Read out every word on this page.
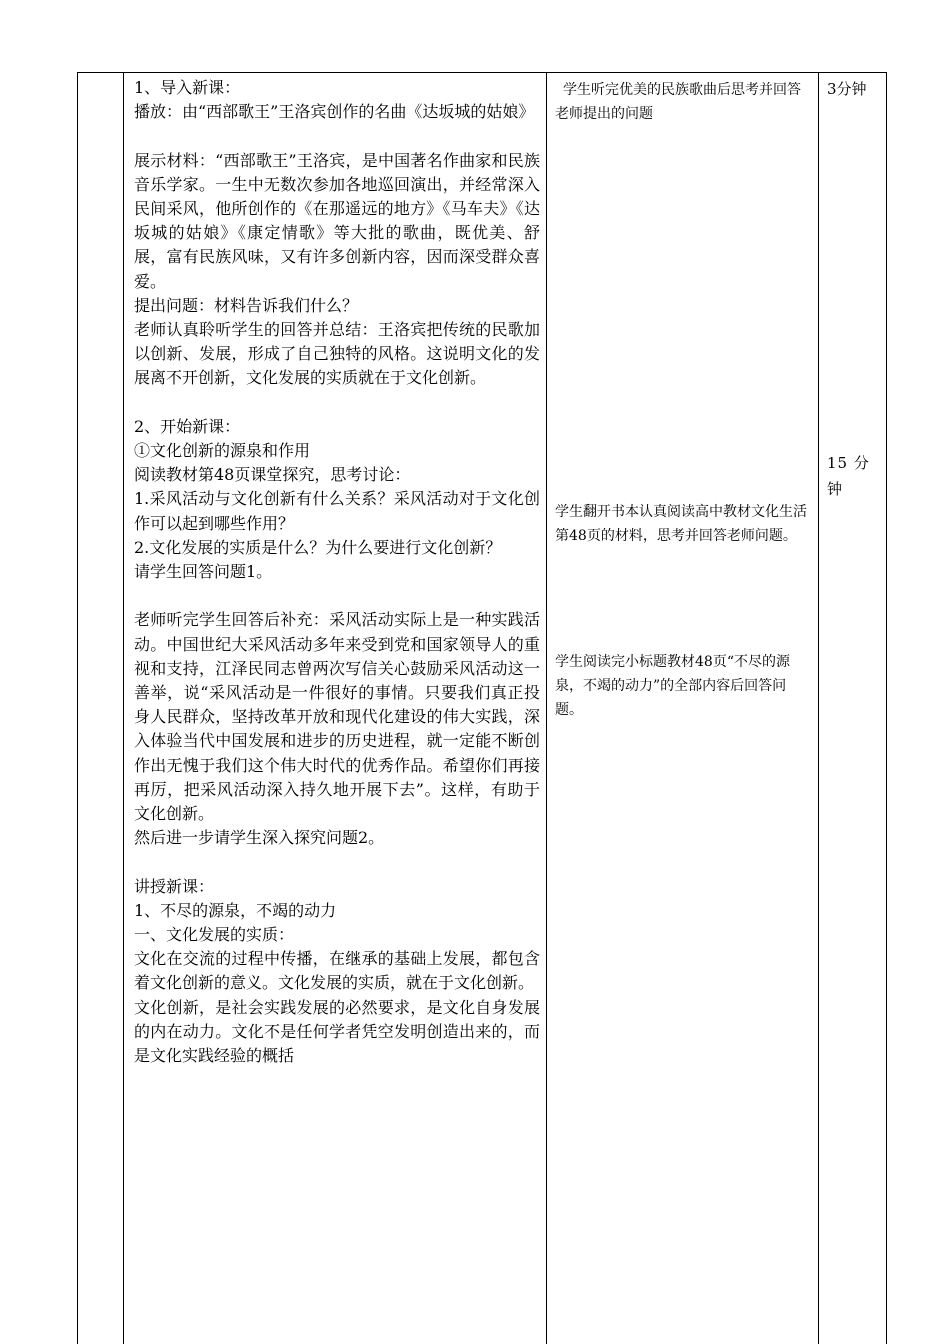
1、导入新课：

播放：由“西部歌王”王洛宾创作的名曲《达坂城的姑娘》

展示材料：“西部歌王”王洛宾，是中国著名作曲家和民族音乐学家。一生中无数次参加各地巡回演出，并经常深入民间采风，他所创作的《在那遥远的地方》《马车夫》《达坂城的姑娘》《康定情歌》等大批的歌曲，既优美、舒展，富有民族风味，又有许多创新内容，因而深受群众喜爱。

提出问题：材料告诉我们什么？

老师认真聆听学生的回答并总结：王洛宾把传统的民歌加以创新、发展，形成了自己独特的风格。这说明文化的发展离不开创新，文化发展的实质就在于文化创新。

2、开始新课：

①文化创新的源泉和作用

阅读教材第48页课堂探究，思考讨论：

1.采风活动与文化创新有什么关系？采风活动对于文化创作可以起到哪些作用？

2.文化发展的实质是什么？为什么要进行文化创新？

请学生回答问题1。

老师听完学生回答后补充：采风活动实际上是一种实践活动。中国世纪大采风活动多年来受到党和国家领导人的重视和支持，江泽民同志曾两次写信关心鼓励采风活动这一善举，说“采风活动是一件很好的事情。只要我们真正投身人民群众，坚持改革开放和现代化建设的伟大实践，深入体验当代中国发展和进步的历史进程，就一定能不断创作出无愧于我们这个伟大时代的优秀作品。希望你们再接再厉，把采风活动深入持久地开展下去”。这样，有助于文化创新。

然后进一步请学生深入探究问题2。

讲授新课：

1、不尽的源泉，不竭的动力

一、文化发展的实质：

文化在交流的过程中传播，在继承的基础上发展，都包含着文化创新的意义。文化发展的实质，就在于文化创新。

文化创新，是社会实践发展的必然要求，是文化自身发展的内在动力。文化不是任何学者凭空发明创造出来的，而是文化实践经验的概括

学生听完优美的民族歌曲后思考并回答老师提出的问题

学生翻开书本认真阅读高中教材文化生活第48页的材料，思考并回答老师问题。

学生阅读完小标题教材48页“不尽的源泉，不竭的动力”的全部内容后回答问题。

3分钟

15 分钟
